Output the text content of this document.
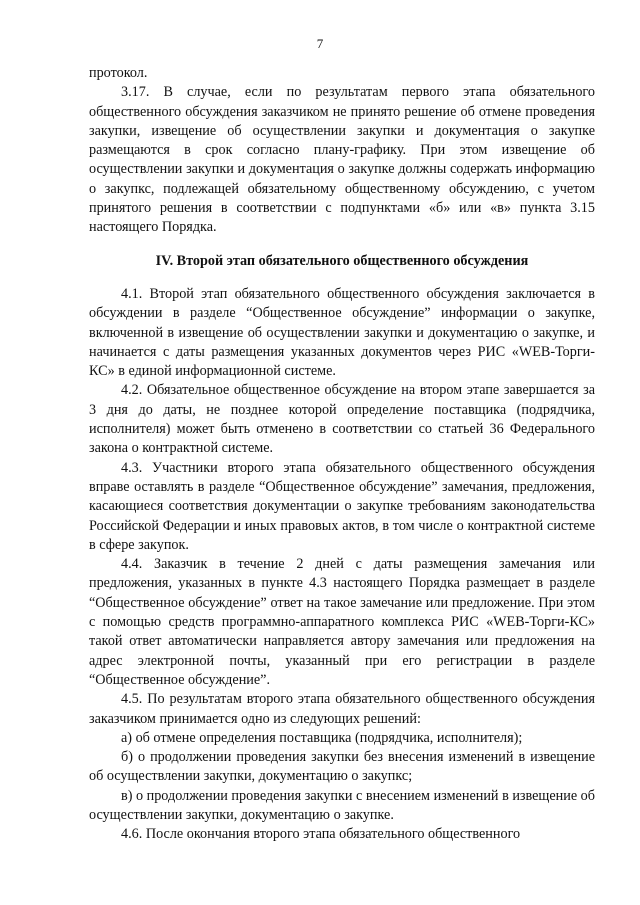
7

протокол.

3.17. В случае, если по результатам первого этапа обязательного общественного обсуждения заказчиком не принято решение об отмене проведения закупки, извещение об осуществлении закупки и документация о закупке размещаются в срок согласно плану-графику. При этом извещение об осуществлении закупки и документация о закупке должны содержать информацию о закупкс, подлежащей обязательному общественному обсуждению, с учетом принятого решения в соответствии с подпунктами «б» или «в» пункта 3.15 настоящего Порядка.

IV. Второй этап обязательного общественного обсуждения

4.1. Второй этап обязательного общественного обсуждения заключается в обсуждении в разделе “Общественное обсуждение” информации о закупке, включенной в извещение об осуществлении закупки и документацию о закупке, и начинается с даты размещения указанных документов через РИС «WEB-Торги-КС» в единой информационной системе.

4.2. Обязательное общественное обсуждение на втором этапе завершается за 3 дня до даты, не позднее которой определение поставщика (подрядчика, исполнителя) может быть отменено в соответствии со статьей 36 Федерального закона о контрактной системе.

4.3. Участники второго этапа обязательного общественного обсуждения вправе оставлять в разделе “Общественное обсуждение” замечания, предложения, касающиеся соответствия документации о закупке требованиям законодательства Российской Федерации и иных правовых актов, в том числе о контрактной системе в сфере закупок.

4.4. Заказчик в течение 2 дней с даты размещения замечания или предложения, указанных в пункте 4.3 настоящего Порядка размещает в разделе “Общественное обсуждение” ответ на такое замечание или предложение. При этом с помощью средств программно-аппаратного комплекса РИС «WEB-Торги-КС» такой ответ автоматически направляется автору замечания или предложения на адрес электронной почты, указанный при его регистрации в разделе “Общественное обсуждение”.

4.5. По результатам второго этапа обязательного общественного обсуждения заказчиком принимается одно из следующих решений:

а) об отмене определения поставщика (подрядчика, исполнителя);

б) о продолжении проведения закупки без внесения изменений в извещение об осуществлении закупки, документацию о закупкс;

в) о продолжении проведения закупки с внесением изменений в извещение об осуществлении закупки, документацию о закупке.

4.6. После окончания второго этапа обязательного общественного
